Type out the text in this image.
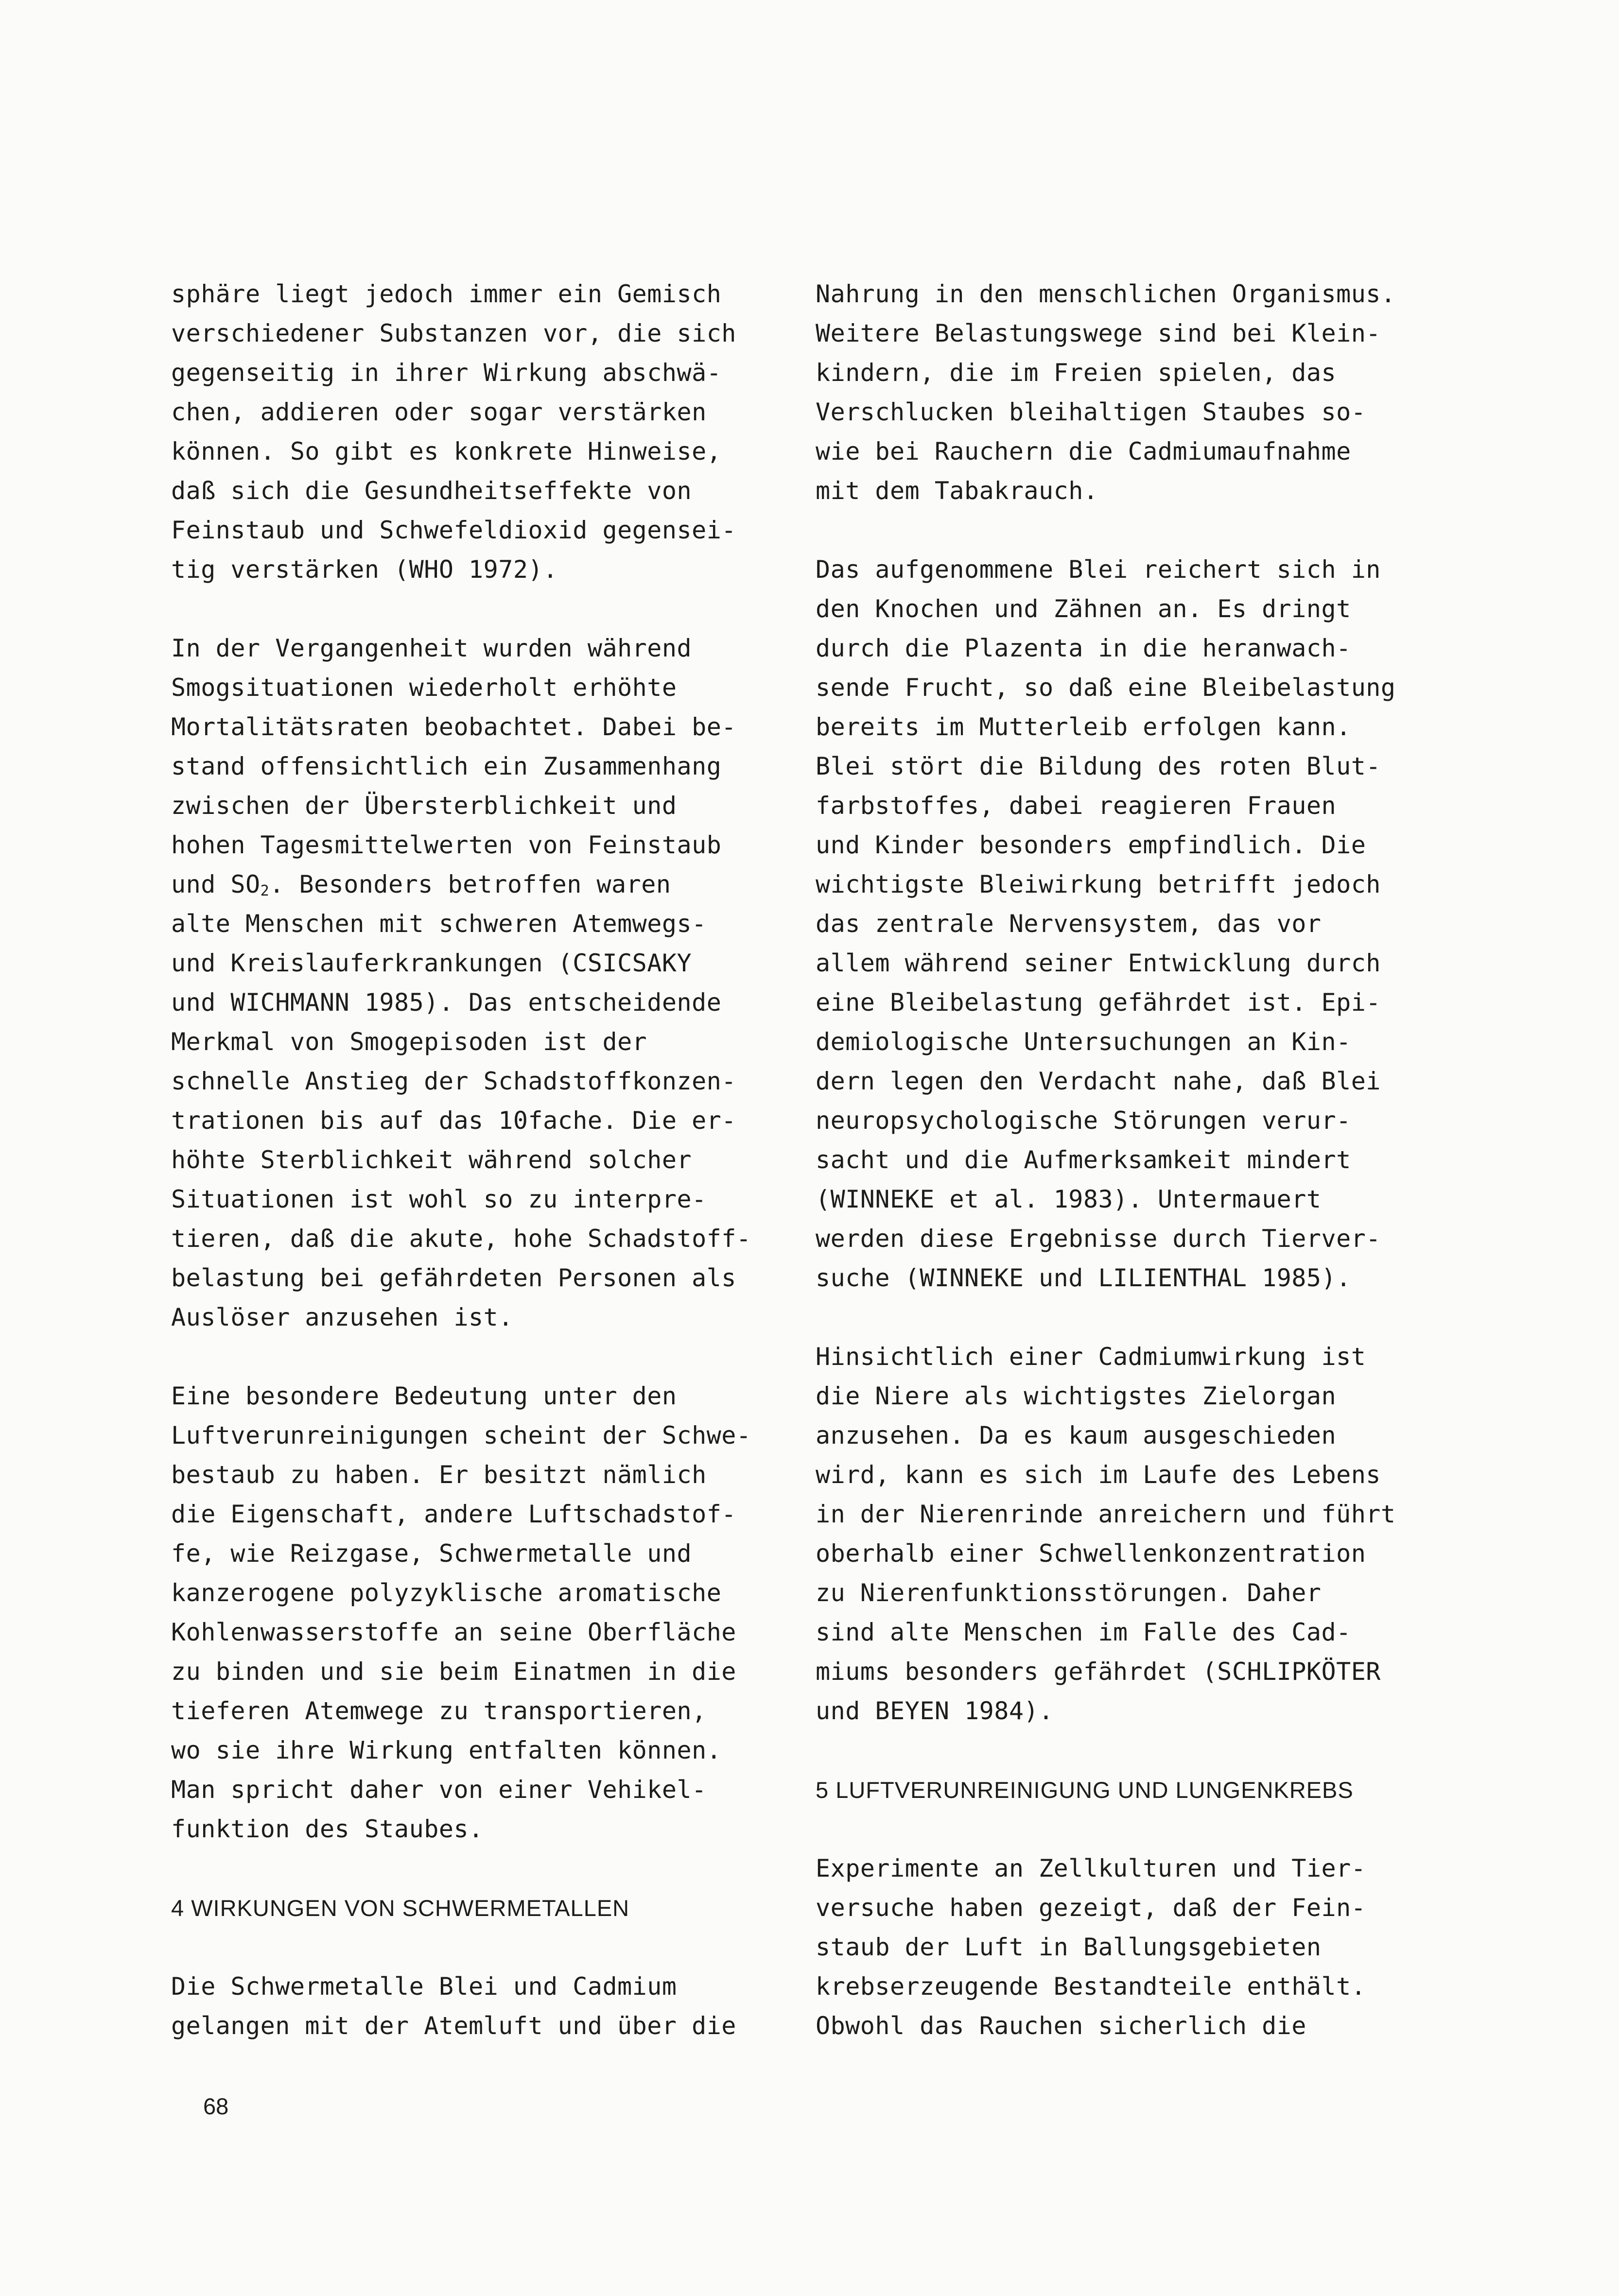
sphäre liegt jedoch immer ein Gemisch
verschiedener Substanzen vor, die sich
gegenseitig in ihrer Wirkung abschwä-
chen, addieren oder sogar verstärken
können. So gibt es konkrete Hinweise,
daß sich die Gesundheitseffekte von
Feinstaub und Schwefeldioxid gegensei-
tig verstärken (WHO 1972).
In der Vergangenheit wurden während
Smogsituationen wiederholt erhöhte
Mortalitätsraten beobachtet. Dabei be-
stand offensichtlich ein Zusammenhang
zwischen der Übersterblichkeit und
hohen Tagesmittelwerten von Feinstaub
und $SO_2$. Besonders betroffen waren
alte Menschen mit schweren Atemwegs-
und Kreislauferkrankungen (CSICSAKY
und WICHMANN 1985). Das entscheidende
Merkmal von Smogepisoden ist der
schnelle Anstieg der Schadstoffkonzen-
trationen bis auf das 10fache. Die er-
höhte Sterblichkeit während solcher
Situationen ist wohl so zu interpre-
tieren, daß die akute, hohe Schadstoff-
belastung bei gefährdeten Personen als
Auslöser anzusehen ist.
Eine besondere Bedeutung unter den
Luftverunreinigungen scheint der Schwe-
bestaub zu haben. Er besitzt nämlich
die Eigenschaft, andere Luftschadstof-
fe, wie Reizgase, Schwermetalle und
kanzerogene polyzyklische aromatische
Kohlenwasserstoffe an seine Oberfläche
zu binden und sie beim Einatmen in die
tieferen Atemwege zu transportieren,
wo sie ihre Wirkung entfalten können.
Man spricht daher von einer Vehikel-
funktion des Staubes.
4 WIRKUNGEN VON SCHWERMETALLEN
Die Schwermetalle Blei und Cadmium
gelangen mit der Atemluft und über die
Nahrung in den menschlichen Organismus.
Weitere Belastungswege sind bei Klein-
kindern, die im Freien spielen, das
Verschlucken bleihaltigen Staubes so-
wie bei Rauchern die Cadmiumaufnahme
mit dem Tabakrauch.
Das aufgenommene Blei reichert sich in
den Knochen und Zähnen an. Es dringt
durch die Plazenta in die heranwach-
sende Frucht, so daß eine Bleibelastung
bereits im Mutterleib erfolgen kann.
Blei stört die Bildung des roten Blut-
farbstoffes, dabei reagieren Frauen
und Kinder besonders empfindlich. Die
wichtigste Bleiwirkung betrifft jedoch
das zentrale Nervensystem, das vor
allem während seiner Entwicklung durch
eine Bleibelastung gefährdet ist. Epi-
demiologische Untersuchungen an Kin-
dern legen den Verdacht nahe, daß Blei
neuropsychologische Störungen verur-
sacht und die Aufmerksamkeit mindert
(WINNEKE et al. 1983). Untermauert
werden diese Ergebnisse durch Tierver-
suche (WINNEKE und LILIENTHAL 1985).
Hinsichtlich einer Cadmiumwirkung ist
die Niere als wichtigstes Zielorgan
anzusehen. Da es kaum ausgeschieden
wird, kann es sich im Laufe des Lebens
in der Nierenrinde anreichern und führt
oberhalb einer Schwellenkonzentration
zu Nierenfunktionsstörungen. Daher
sind alte Menschen im Falle des Cad-
miums besonders gefährdet (SCHLIPKÖTER
und BEYEN 1984).
5 LUFTVERUNREINIGUNG UND LUNGENKREBS
Experimente an Zellkulturen und Tier-
versuche haben gezeigt, daß der Fein-
staub der Luft in Ballungsgebieten
krebserzeugende Bestandteile enthält.
Obwohl das Rauchen sicherlich die
68
